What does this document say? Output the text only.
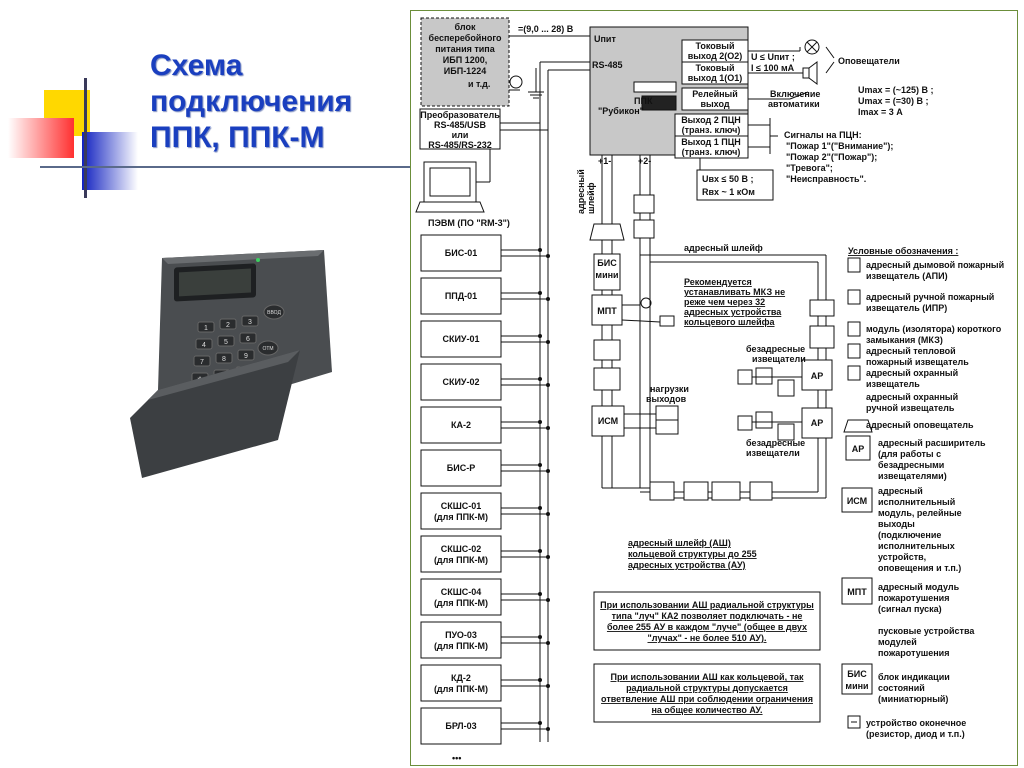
Схема
подключения
ППК, ППК-М
1	2	3
4	5	6
7	8	9
ОТМ
ВВОД
БИС-01
ППД-01
СКИУ-01
СКИУ-02
КА-2
БИС-Р
СКШС-01
(для ППК-М)
СКШС-02
(для ППК-М)
СКШС-04
(для ППК-М)
ПУО-03
(для ППК-М)
КД-2
(для ППК-М)
БРЛ-03
•••
блок
бесперебойного
питания типа
ИБП 1200,
ИБП-1224
и т.д.
=(9,0 ... 28) В
Uпит
RS-485
ППК
"Рубикон"
Токовый
выход 2(О2)
Токовый
выход 1(О1)
Релейный
выход
Выход 2 ПЦН
(транз. ключ)
Выход 1 ПЦН
(транз. ключ)
U ≤ Uпит ;
I ≤ 100 мА
Оповещатели
Включение
автоматики
Umax = (~125) В ;
Umax = (=30) В ;
Imax = 3 А
Сигналы на ПЦН:
"Пожар 1"("Внимание");
"Пожар 2"("Пожар");
"Тревога";
"Неисправность".
Uвх ≤ 50 В ;
Rвх ~ 1 кОм
Преобразователь
RS-485/USB
или
RS-485/RS-232
ПЭВМ (ПО "RM-3")
+1-	+2-
адресный шлейф
БИС
мини
МПТ
ИСМ
АР
АР
адресный шлейф
Рекомендуется
устанавливать МКЗ не
реже чем через 32
адресных устройства
кольцевого шлейфа
безадресные
извещатели
безадресные
извещатели
нагрузки
выходов
адресный шлейф (АШ)
кольцевой структуры до 255
адресных устройства (АУ)
При использовании АШ радиальной структуры
типа "луч" КА2 позволяет подключать - не
более 255 АУ в каждом "луче" (общее в двух
"лучах" - не более 510 АУ).
При использовании АШ как кольцевой, так
радиальной структуры допускается
ответвление АШ при соблюдении ограничения
на общее количество АУ.
Условные обозначения :
АР
ИСМ
МПТ
БИС
мини
адресный дымовой пожарный
извещатель (АПИ)
адресный ручной пожарный
извещатель (ИПР)
модуль (изолятора) короткого
замыкания (МКЗ)
адресный тепловой
пожарный извещатель
адресный охранный
извещатель
адресный охранный
ручной извещатель
адресный оповещатель
адресный расширитель
(для работы с
безадресными
извещателями)
адресный
исполнительный
модуль, релейные
выходы
(подключение
исполнительных
устройств,
оповещения и т.п.)
адресный модуль
пожаротушения
(сигнал пуска)
пусковые устройства
модулей
пожаротушения
блок индикации
состояний
(миниатюрный)
устройство оконечное
(резистор, диод и т.п.)
